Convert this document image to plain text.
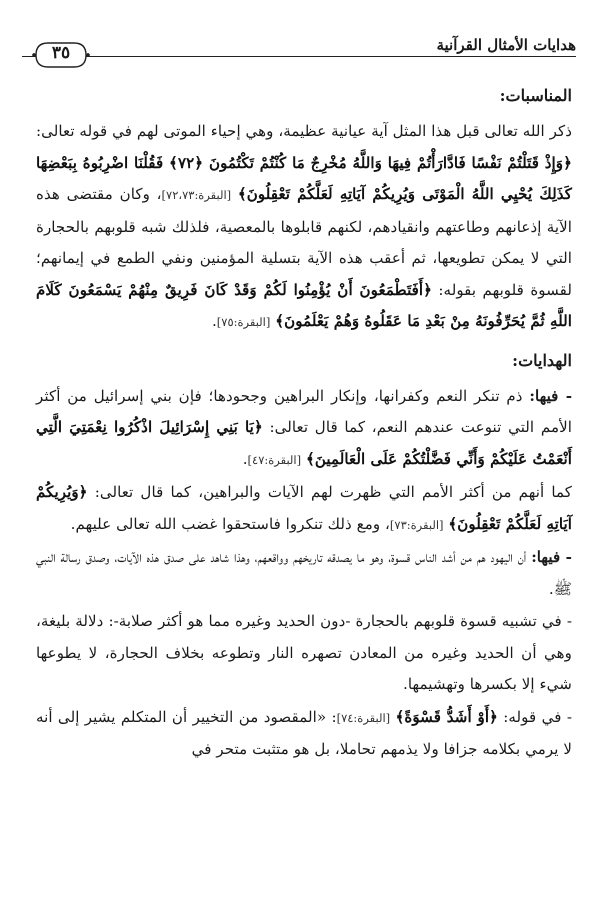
هدايات الأمثال القرآنية
٣٥
المناسبات:

ذكر الله تعالى قبل هذا المثل آية عيانية عظيمة، وهي إحياء الموتى لهم في قوله تعالى: ﴿وَإِذْ قَتَلْتُمْ نَفْسًا فَادَّارَأْتُمْ فِيهَا وَاللَّهُ مُخْرِجٌ مَا كُنْتُمْ تَكْتُمُونَ ﴿٧٢﴾ فَقُلْنَا اضْرِبُوهُ بِبَعْضِهَا كَذَلِكَ يُحْيِي اللَّهُ الْمَوْتَى وَيُرِيكُمْ آيَاتِهِ لَعَلَّكُمْ تَعْقِلُونَ﴾ [البقرة:٧٢،٧٣]، وكان مقتضى هذه الآية إذعانهم وطاعتهم وانقيادهم، لكنهم قابلوها بالمعصية، فلذلك شبه قلوبهم بالحجارة التي لا يمكن تطويعها، ثم أعقب هذه الآية بتسلية المؤمنين ونفي الطمع في إيمانهم؛ لقسوة قلوبهم بقوله: ﴿أَفَتَطْمَعُونَ أَنْ يُؤْمِنُوا لَكُمْ وَقَدْ كَانَ فَرِيقٌ مِنْهُمْ يَسْمَعُونَ كَلَامَ اللَّهِ ثُمَّ يُحَرِّفُونَهُ مِنْ بَعْدِ مَا عَقَلُوهُ وَهُمْ يَعْلَمُونَ﴾ [البقرة:٧٥].

الهدايات:

- فيها: ذم تنكر النعم وكفرانها، وإنكار البراهين وجحودها؛ فإن بني إسرائيل من أكثر الأمم التي تنوعت عندهم النعم، كما قال تعالى: ﴿يَا بَنِي إِسْرَائِيلَ اذْكُرُوا نِعْمَتِيَ الَّتِي أَنْعَمْتُ عَلَيْكُمْ وَأَنِّي فَضَّلْتُكُمْ عَلَى الْعَالَمِينَ﴾ [البقرة:٤٧].

كما أنهم من أكثر الأمم التي ظهرت لهم الآيات والبراهين، كما قال تعالى: ﴿وَيُرِيكُمْ آيَاتِهِ لَعَلَّكُمْ تَعْقِلُونَ﴾ [البقرة:٧٣]، ومع ذلك تنكروا فاستحقوا غضب الله تعالى عليهم.

- فيها: أن اليهود هم من أشد الناس قسوة، وهو ما يصدقه تاريخهم وواقعهم، وهذا شاهد على صدق هذه الآيات، وصدق رسالة النبي ﷺ.

- في تشبيه قسوة قلوبهم بالحجارة -دون الحديد وغيره مما هو أكثر صلابة-: دلالة بليغة، وهي أن الحديد وغيره من المعادن تصهره النار وتطوعه بخلاف الحجارة، لا يطوعها شيء إلا بكسرها وتهشيمها.

- في قوله: ﴿أَوْ أَشَدُّ قَسْوَةً﴾ [البقرة:٧٤]: «المقصود من التخيير أن المتكلم يشير إلى أنه لا يرمي بكلامه جزافا ولا يذمهم تحاملا، بل هو متثبت متحر في
